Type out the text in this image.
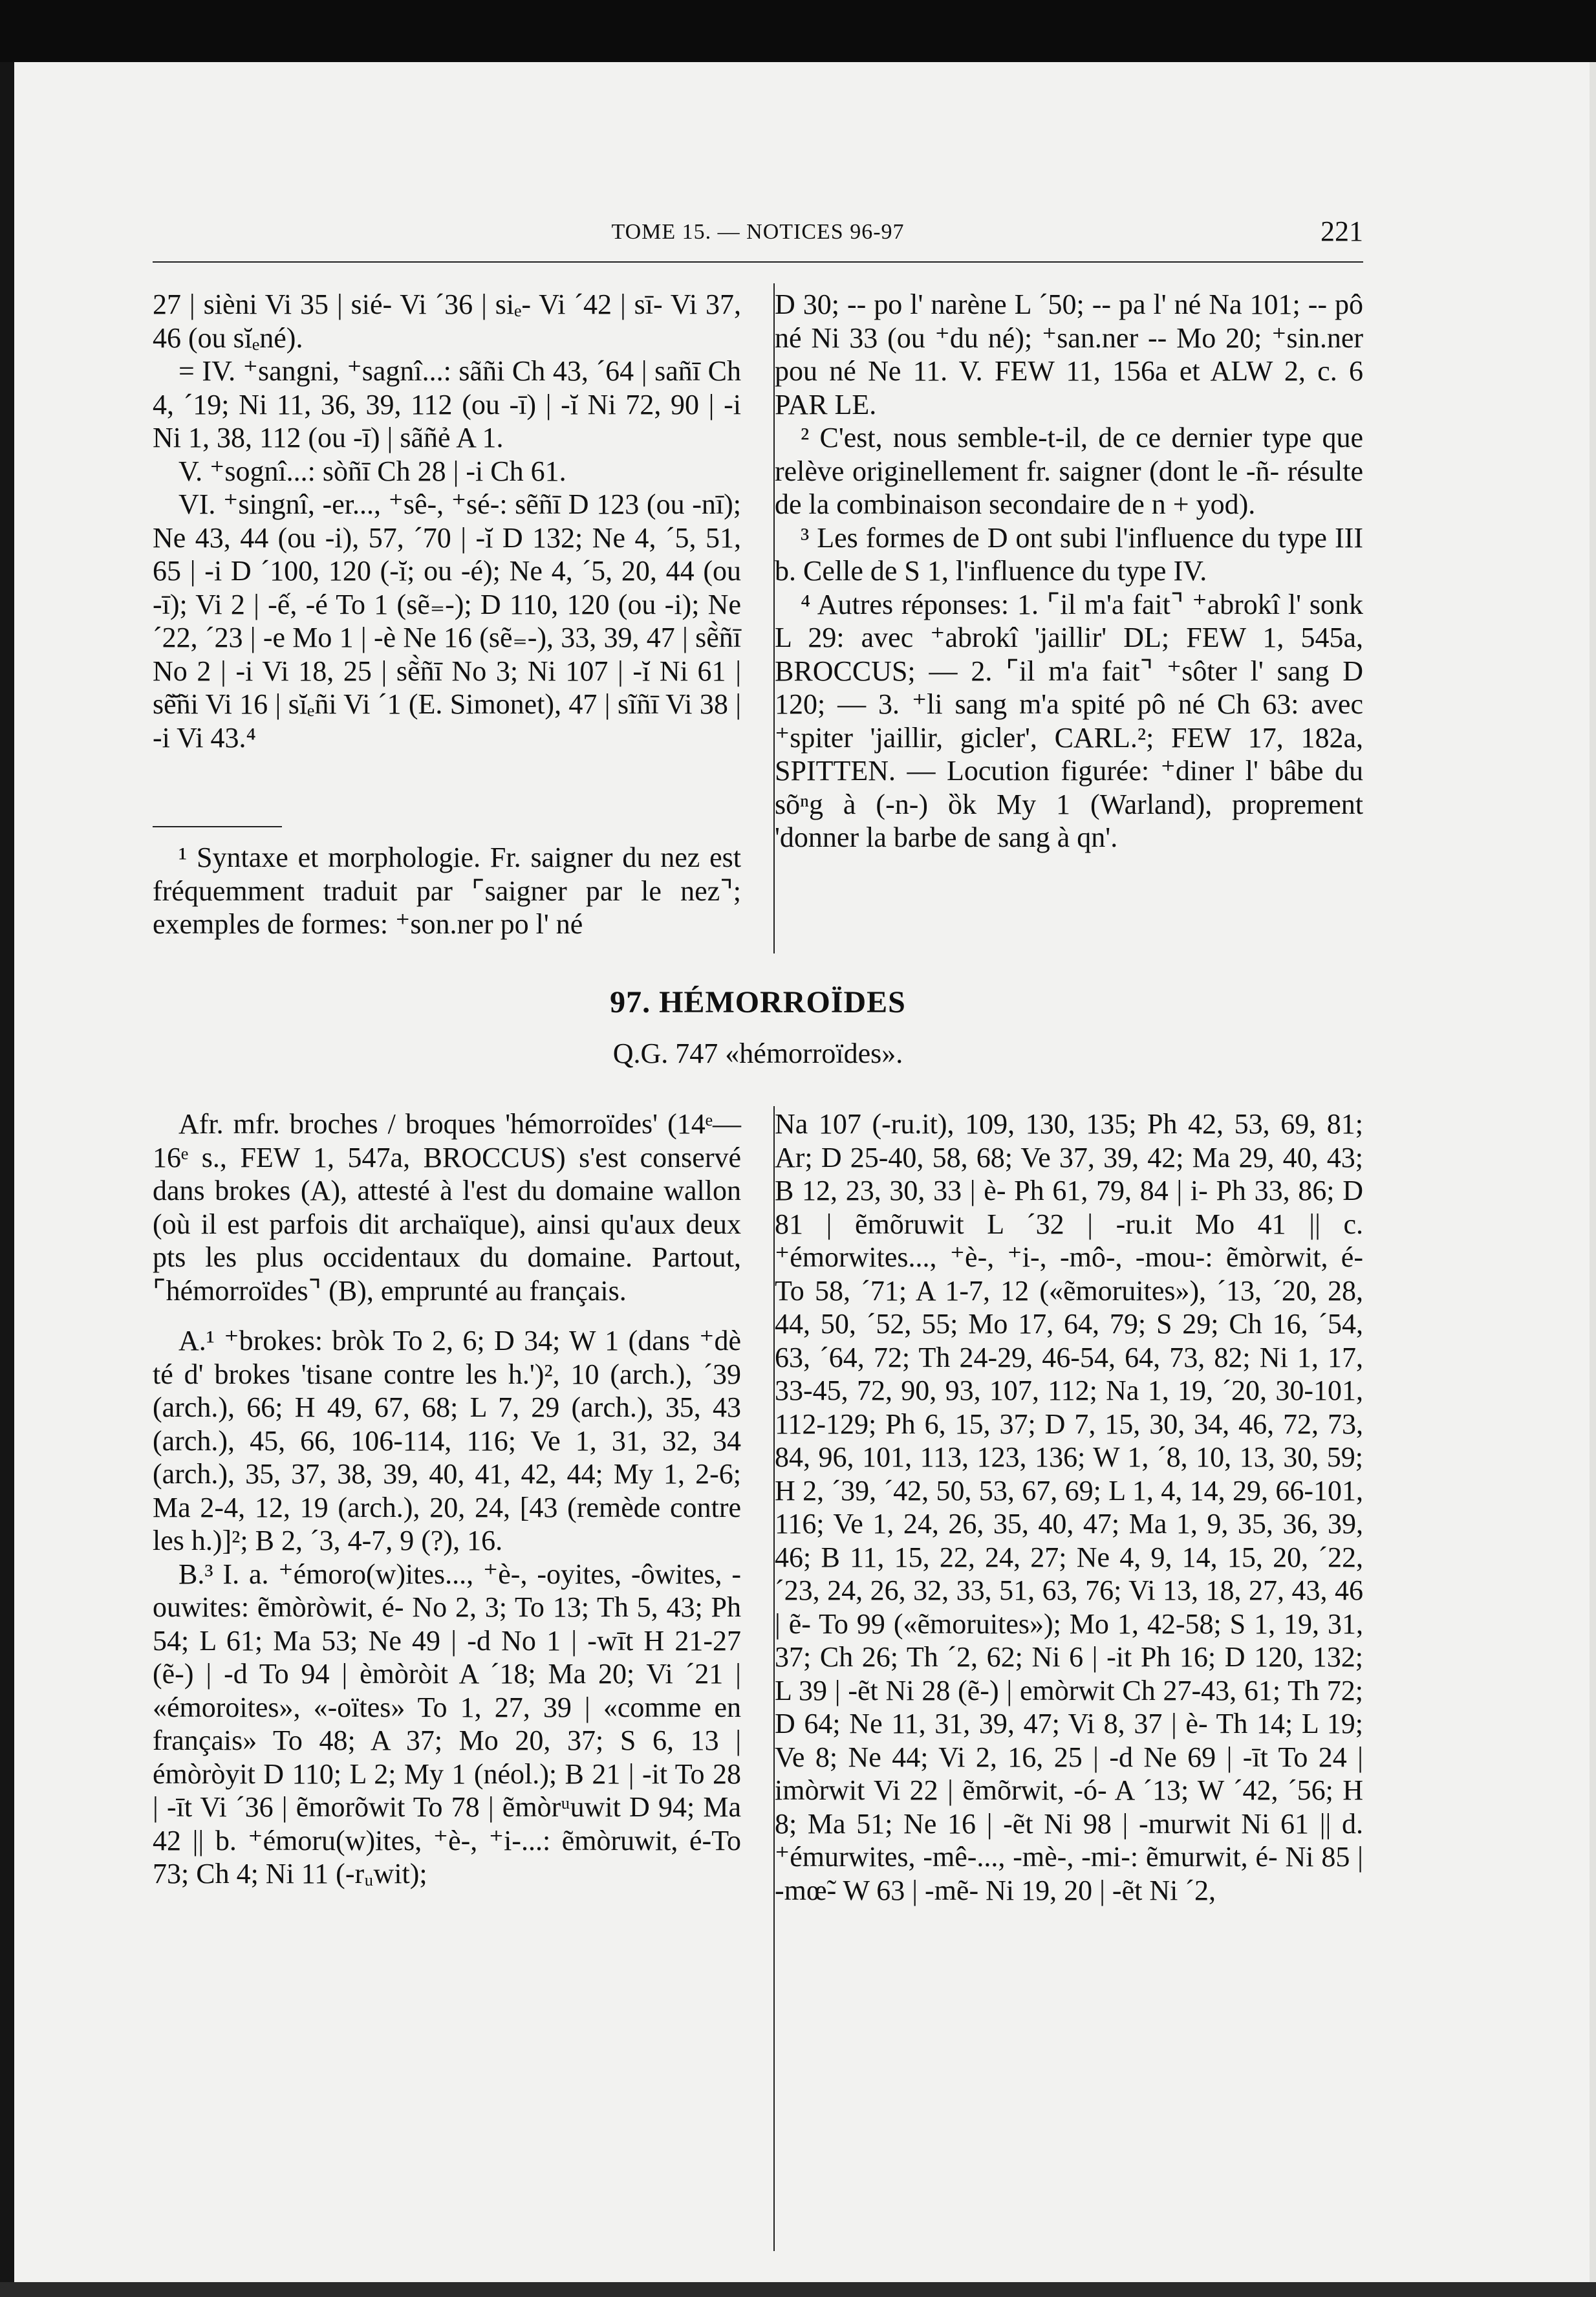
TOME 15. — NOTICES 96-97	221

27 | sièni Vi 35 | sié- Vi ´36 | siₑ- Vi ´42 | sī- Vi 37, 46 (ou sĭₑné).

= IV. ⁺sangni, ⁺sagnî...: sãñi Ch 43, ´64 | sañī Ch 4, ´19; Ni 11, 36, 39, 112 (ou -ī) | -ĭ Ni 72, 90 | -i Ni 1, 38, 112 (ou -ī) | sãñẻ A 1.

V. ⁺sognî...: sòñī Ch 28 | -i Ch 61.

VI. ⁺singnî, -er..., ⁺sê-, ⁺sé-: sẽñī D 123 (ou -nī); Ne 43, 44 (ou -i), 57, ´70 | -ĭ D 132; Ne 4, ´5, 51, 65 | -i D ´100, 120 (-ĭ; ou -é); Ne 4, ´5, 20, 44 (ou -ī); Vi 2 | -ế, -é To 1 (sẽ₌-); D 110, 120 (ou -i); Ne ´22, ´23 | -e Mo 1 | -è Ne 16 (sẽ₌-), 33, 39, 47 | sẽ̀ñī No 2 | -i Vi 18, 25 | sẽ̀ñī No 3; Ni 107 | -ĭ Ni 61 | sẽ̆ñi Vi 16 | sĭₑñi Vi ´1 (E. Simonet), 47 | sĩñī Vi 38 | -i Vi 43.⁴

¹ Syntaxe et morphologie. Fr. saigner du nez est fréquemment traduit par ⌜saigner par le nez⌝; exemples de formes: ⁺son.ner po l' né

D 30; -- po l' narène L ´50; -- pa l' né Na 101; -- pô né Ni 33 (ou ⁺du né); ⁺san.ner -- Mo 20; ⁺sin.ner pou né Ne 11. V. FEW 11, 156a et ALW 2, c. 6 PAR LE.

² C'est, nous semble-t-il, de ce dernier type que relève originellement fr. saigner (dont le -ñ- résulte de la combinaison secondaire de n + yod).

³ Les formes de D ont subi l'influence du type III b. Celle de S 1, l'influence du type IV.

⁴ Autres réponses: 1. ⌜il m'a fait⌝ ⁺abrokî l' sonk L 29: avec ⁺abrokî 'jaillir' DL; FEW 1, 545a, BROCCUS; — 2. ⌜il m'a fait⌝ ⁺sôter l' sang D 120; — 3. ⁺li sang m'a spité pô né Ch 63: avec ⁺spiter 'jaillir, gicler', CARL.²; FEW 17, 182a, SPITTEN. — Locution figurée: ⁺diner l' bâbe du sõⁿg à (-n-) ȍk My 1 (Warland), proprement 'donner la barbe de sang à qn'.

97. HÉMORROÏDES
Q.G. 747 «hémorroïdes».

Afr. mfr. broches / broques 'hémorroïdes' (14ᵉ—16ᵉ s., FEW 1, 547a, BROCCUS) s'est conservé dans brokes (A), attesté à l'est du domaine wallon (où il est parfois dit archaïque), ainsi qu'aux deux pts les plus occidentaux du domaine. Partout, ⌜hémorroïdes⌝ (B), emprunté au français.

A.¹ ⁺brokes: bròk To 2, 6; D 34; W 1 (dans ⁺dè té d' brokes 'tisane contre les h.')², 10 (arch.), ´39 (arch.), 66; H 49, 67, 68; L 7, 29 (arch.), 35, 43 (arch.), 45, 66, 106-114, 116; Ve 1, 31, 32, 34 (arch.), 35, 37, 38, 39, 40, 41, 42, 44; My 1, 2-6; Ma 2-4, 12, 19 (arch.), 20, 24, [43 (remède contre les h.)]²; B 2, ´3, 4-7, 9 (?), 16.

B.³ I. a. ⁺émoro(w)ites..., ⁺è-, -oyites, -ôwites, -ouwites: ẽmòròwit, é- No 2, 3; To 13; Th 5, 43; Ph 54; L 61; Ma 53; Ne 49 | -d No 1 | -wīt H 21-27 (ẽ-) | -d To 94 | èmòròit A ´18; Ma 20; Vi ´21 | «émoroites», «-oïtes» To 1, 27, 39 | «comme en français» To 48; A 37; Mo 20, 37; S 6, 13 | émòròyit D 110; L 2; My 1 (néol.); B 21 | -it To 28 | -īt Vi ´36 | ẽmorõwit To 78 | ẽmòrᵘuwit D 94; Ma 42 || b. ⁺émoru(w)ites, ⁺è-, ⁺i-...: ẽmòruwit, é-To 73; Ch 4; Ni 11 (-rᵤwit);

Na 107 (-ru.it), 109, 130, 135; Ph 42, 53, 69, 81; Ar; D 25-40, 58, 68; Ve 37, 39, 42; Ma 29, 40, 43; B 12, 23, 30, 33 | è- Ph 61, 79, 84 | i- Ph 33, 86; D 81 | ẽmõruwit L ´32 | -ru.it Mo 41 || c. ⁺émorwites..., ⁺è-, ⁺i-, -mô-, -mou-: ẽmòrwit, é- To 58, ´71; A 1-7, 12 («ẽmoruites»), ´13, ´20, 28, 44, 50, ´52, 55; Mo 17, 64, 79; S 29; Ch 16, ´54, 63, ´64, 72; Th 24-29, 46-54, 64, 73, 82; Ni 1, 17, 33-45, 72, 90, 93, 107, 112; Na 1, 19, ´20, 30-101, 112-129; Ph 6, 15, 37; D 7, 15, 30, 34, 46, 72, 73, 84, 96, 101, 113, 123, 136; W 1, ´8, 10, 13, 30, 59; H 2, ´39, ´42, 50, 53, 67, 69; L 1, 4, 14, 29, 66-101, 116; Ve 1, 24, 26, 35, 40, 47; Ma 1, 9, 35, 36, 39, 46; B 11, 15, 22, 24, 27; Ne 4, 9, 14, 15, 20, ´22, ´23, 24, 26, 32, 33, 51, 63, 76; Vi 13, 18, 27, 43, 46 | ẽ- To 99 («ẽmoruites»); Mo 1, 42-58; S 1, 19, 31, 37; Ch 26; Th ´2, 62; Ni 6 | -it Ph 16; D 120, 132; L 39 | -ẽt Ni 28 (ẽ-) | emòrwit Ch 27-43, 61; Th 72; D 64; Ne 11, 31, 39, 47; Vi 8, 37 | è- Th 14; L 19; Ve 8; Ne 44; Vi 2, 16, 25 | -d Ne 69 | -īt To 24 | imòrwit Vi 22 | ẽmõrwit, -ó- A ´13; W ´42, ´56; H 8; Ma 51; Ne 16 | -ẽt Ni 98 | -murwit Ni 61 || d. ⁺émurwites, -mê-..., -mè-, -mi-: ẽmurwit, é- Ni 85 | -mœ̃- W 63 | -mẽ- Ni 19, 20 | -ẽt Ni ´2,
